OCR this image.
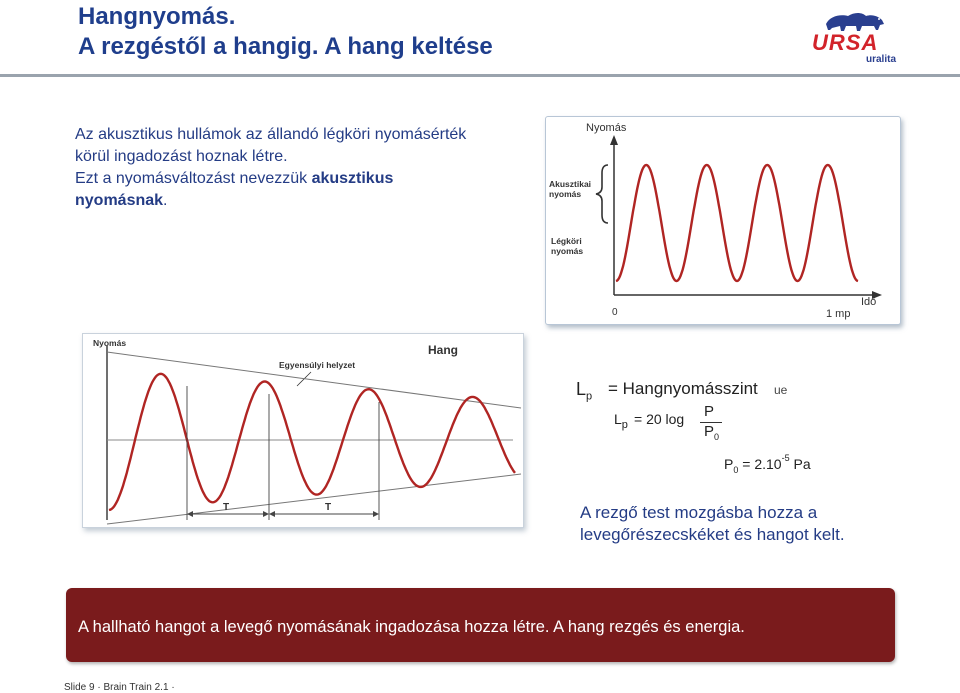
Hangnyomás.
A rezgéstől a hangig. A hang keltése	URSA
uralita

Az akusztikus hullámok az állandó légköri nyomásérték körül ingadozást hoznak létre.

Ezt a nyomásváltozást nevezzük akusztikus nyomásnak.

Nyomás
Akusztikai
nyomás
Légköri
nyomás
0	1 mp
Idő
Nyomás
Egyensúlyi helyzet
Hang
T	T
$L_p$ = Hangnyomásszint ue
$L_p = 20$ log P
$P_0$
$P_0 = 2.10^{-5}$ Pa

A rezgő test mozgásba hozza a levegőrészecskéket és hangot kelt.

A hallható hangot a levegő nyomásának ingadozása hozza létre. A hang rezgés és energia.
Slide 9 · Brain Train 2.1 ·
